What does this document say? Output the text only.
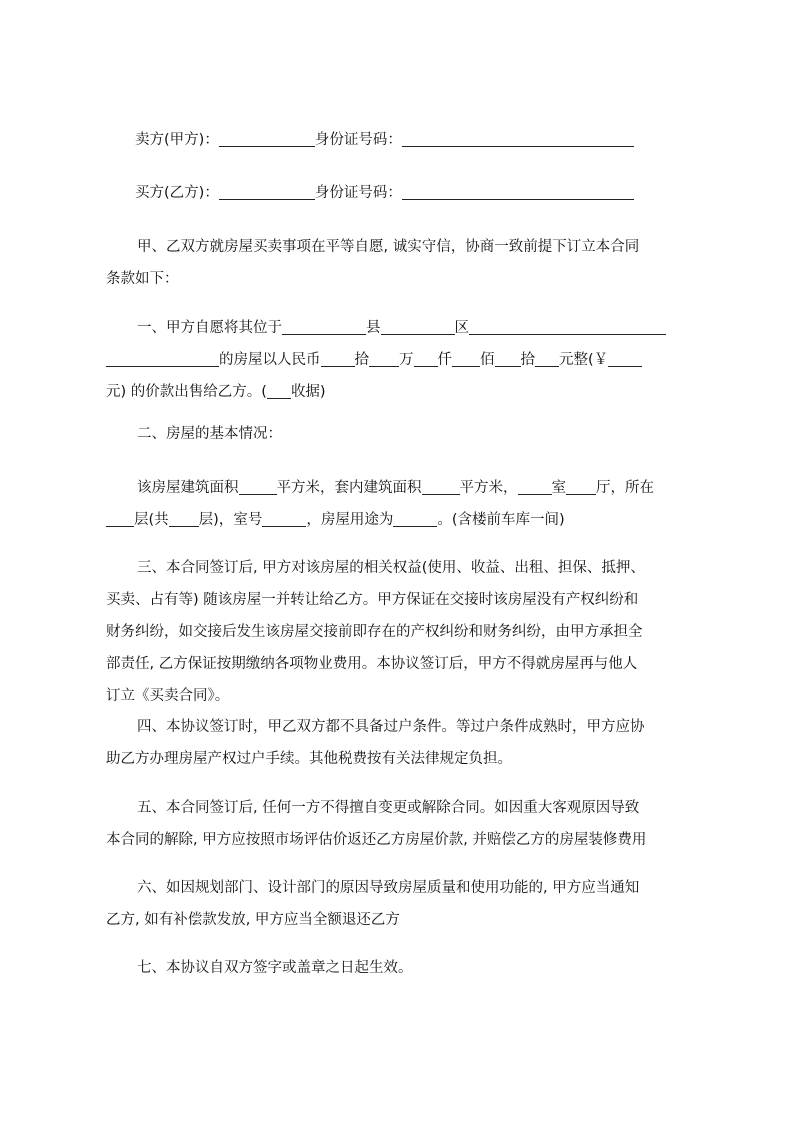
卖方(甲方)：	身份证号码：
买方(乙方)：	身份证号码：
甲、乙双方就房屋买卖事项在平等自愿, 诚实守信，协商一致前提下订立本合同
条款如下：
一、甲方自愿将其位于	县	区
的房屋以人民币 拾 万 仟 佰 拾 元整(￥
元) 的价款出售给乙方。( 收据)
二、房屋的基本情况：
该房屋建筑面积	平方米，套内建筑面积	平方米， 室 厅，所在
层(共 层)，室号	，房屋用途为	。(含楼前车库一间)
三、本合同签订后, 甲方对该房屋的相关权益(使用、收益、出租、担保、抵押、
买卖、占有等) 随该房屋一并转让给乙方。甲方保证在交接时该房屋没有产权纠纷和
财务纠纷，如交接后发生该房屋交接前即存在的产权纠纷和财务纠纷，由甲方承担全
部责任, 乙方保证按期缴纳各项物业费用。本协议签订后，甲方不得就房屋再与他人
订立《买卖合同》。
四、本协议签订时，甲乙双方都不具备过户条件。等过户条件成熟时，甲方应协
助乙方办理房屋产权过户手续。其他税费按有关法律规定负担。
五、本合同签订后, 任何一方不得擅自变更或解除合同。如因重大客观原因导致
本合同的解除, 甲方应按照市场评估价返还乙方房屋价款, 并赔偿乙方的房屋装修费用
六、如因规划部门、设计部门的原因导致房屋质量和使用功能的, 甲方应当通知
乙方, 如有补偿款发放, 甲方应当全额退还乙方
七、本协议自双方签字或盖章之日起生效。
